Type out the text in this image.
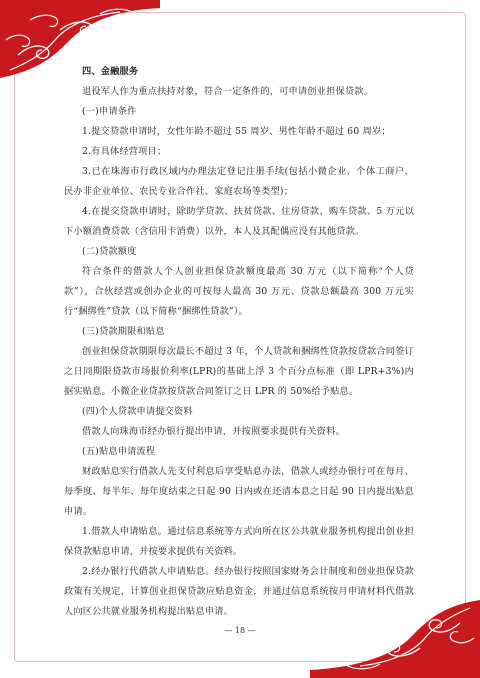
四、金融服务

退役军人作为重点扶持对象，符合一定条件的，可申请创业担保贷款。

(一)申请条件

1.提交贷款申请时，女性年龄不超过 55 周岁、男性年龄不超过 60 周岁；

2.有具体经营项目；

3.已在珠海市行政区域内办理法定登记注册手续(包括小微企业、个体工商户、民办非企业单位、农民专业合作社、家庭农场等类型)；

4.在提交贷款申请时，除助学贷款、扶贫贷款、住房贷款、购车贷款、5 万元以下小额消费贷款（含信用卡消费）以外，本人及其配偶应没有其他贷款。

(二)贷款额度

符合条件的借款人个人创业担保贷款额度最高 30 万元（以下简称“个人贷款”），合伙经营或创办企业的可按每人最高 30 万元、贷款总额最高 300 万元实行“捆绑性”贷款（以下简称“捆绑性贷款”）。

(三)贷款期限和贴息

创业担保贷款期限每次最长不超过 3 年，个人贷款和捆绑性贷款按贷款合同签订之日同期限贷款市场报价利率(LPR)的基础上浮 3 个百分点标准（即 LPR+3%)内据实贴息。小微企业贷款按贷款合同签订之日 LPR 的 50%给予贴息。

(四)个人贷款申请提交资料

借款人向珠海市经办银行提出申请，并按照要求提供有关资料。

(五)贴息申请流程

财政贴息实行借款人先支付利息后享受贴息办法，借款人或经办银行可在每月、每季度、每半年、每年度结束之日起 90 日内或在还清本息之日起 90 日内提出贴息申请。

1.借款人申请贴息。通过信息系统等方式向所在区公共就业服务机构提出创业担保贷款贴息申请，并按要求提供有关资料。

2.经办银行代借款人申请贴息。经办银行按照国家财务会计制度和创业担保贷款政策有关规定，计算创业担保贷款应贴息资金，并通过信息系统按月申请材料代借款人向区公共就业服务机构提出贴息申请。

— 18 —
